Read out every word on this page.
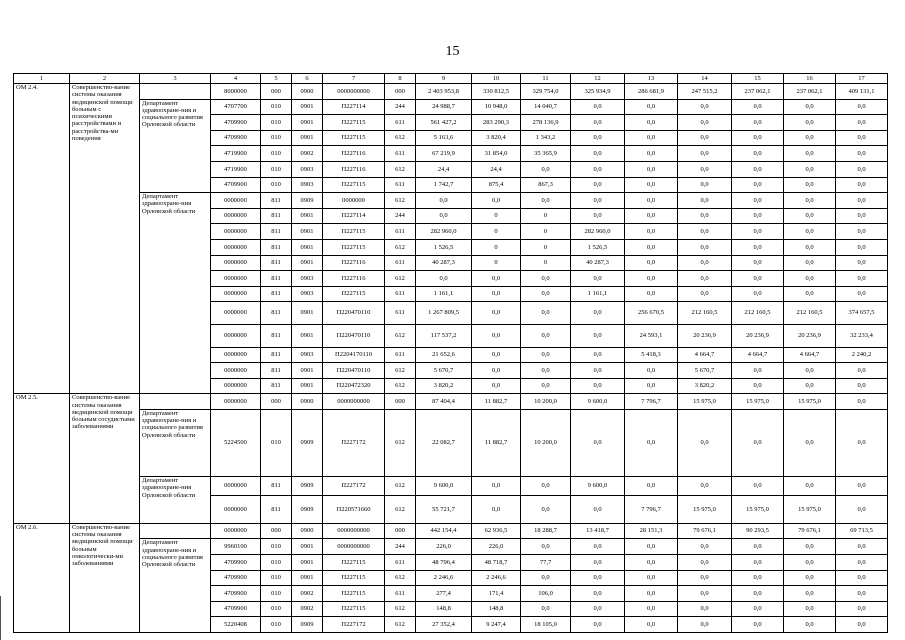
15
1	2	3	4	5	6	7	8	9	10	11	12	13	14	15	16	17
ОМ 2.4.	Совершенство-вание системы оказания медицинской помощи больным с психическими расстройствами и расстройства-ми поведения		8000000	000	0900	0000000000	000	2 403 953,8	330 812,5	329 754,0	325 934,9	286 681,9	247 515,2	237 062,1	237 062,1	409 131,1
		Департамент здравоохране-ния и социального развития Орловской области	4707700	010	0901	П227114	244	24 988,7	10 948,0	14 040,7	0,0	0,0	0,0	0,0	0,0	0,0
			4709900	010	0901	П227115	611	561 427,2	283 290,3	278 136,9	0,0	0,0	0,0	0,0	0,0	0,0
			4709900	010	0901	П227115	612	5 163,6	3 820,4	1 343,2	0,0	0,0	0,0	0,0	0,0	0,0
			4719900	010	0902	П227116	611	67 219,9	31 854,0	35 365,9	0,0	0,0	0,0	0,0	0,0	0,0
			4719900	010	0903	П227116	612	24,4	24,4	0,0	0,0	0,0	0,0	0,0	0,0	0,0
			4709900	010	0903	П227115	611	1 742,7	875,4	867,3	0,0	0,0	0,0	0,0	0,0	0,0
		Департамент здравоохране-ния Орловской области	0000000	811	0909	0000000	612	0,0	0,0	0,0	0,0	0,0	0,0	0,0	0,0	0,0
			0000000	811	0901	П227114	244	0,0	0	0	0,0	0,0	0,0	0,0	0,0	0,0
			0000000	811	0901	П227115	611	282 960,0	0	0	282 960,0	0,0	0,0	0,0	0,0	0,0
			0000000	811	0901	П227115	612	1 526,5	0	0	1 526,5	0,0	0,0	0,0	0,0	0,0
			0000000	811	0901	П227116	611	40 287,3	0	0	40 287,3	0,0	0,0	0,0	0,0	0,0
			0000000	811	0903	П227116	612	0,0	0,0	0,0	0,0	0,0	0,0	0,0	0,0	0,0
			0000000	811	0903	П227115	611	1 161,1	0,0	0,0	1 161,1	0,0	0,0	0,0	0,0	0,0
			0000000	811	0901	П220470110	611	1 267 809,5	0,0	0,0	0,0	256 670,5	212 160,5	212 160,5	212 160,5	374 657,5
			0000000	811	0901	П220470110	612	117 537,2	0,0	0,0	0,0	24 593,1	20 236,9	20 236,9	20 236,9	32 233,4
			0000000	811	0903	П2204170110	611	21 652,6	0,0	0,0	0,0	5 418,3	4 664,7	4 664,7	4 664,7	2 240,2
			0000000	811	0901	П220470110	612	5 670,7	0,0	0,0	0,0	0,0	5 670,7	0,0	0,0	0,0
			0000000	811	0901	П220472320	612	3 820,2	0,0	0,0	0,0	0,0	3 820,2	0,0	0,0	0,0
ОМ 2.5.	Совершенство-вание системы оказания медицинской помощи больным сосудистыми заболеваниями		0000000	000	0900	0000000000	000	87 404,4	11 882,7	10 200,0	9 600,0	7 796,7	15 975,0	15 975,0	15 975,0	0,0
		Департамент здравоохране-ния и социального развития Орловской области	5224500	010	0909	П227172	612	22 082,7	11 882,7	10 200,0	0,0	0,0	0,0	0,0	0,0	0,0
		Департамент здравоохране-ния Орловской области	0000000	811	0909	П227172	612	9 600,0	0,0	0,0	9 600,0	0,0	0,0	0,0	0,0	0,0
			0000000	811	0909	П220571660	612	55 721,7	0,0	0,0	0,0	7 796,7	15 975,0	15 975,0	15 975,0	0,0
ОМ 2.6.	Совершенство-вание системы оказания медицинской помощи больным онкологически-ми заболеваниями		0000000	000	0900	0000000000	000	442 154,4	62 936,5	18 288,7	13 418,7	28 151,3	79 676,1	90 293,5	79 676,1	69 713,5
		Департамент здравоохране-ния и социального развития Орловской области	9960100	010	0901	0000000000	244	226,0	226,0	0,0	0,0	0,0	0,0	0,0	0,0	0,0
			4709900	010	0901	П227115	611	48 796,4	48 718,7	77,7	0,0	0,0	0,0	0,0	0,0	0,0
			4709900	010	0901	П227115	612	2 246,6	2 246,6	0,0	0,0	0,0	0,0	0,0	0,0	0,0
			4709900	010	0902	П227115	611	277,4	171,4	106,0	0,0	0,0	0,0	0,0	0,0	0,0
			4709900	010	0902	П227115	612	148,8	148,8	0,0	0,0	0,0	0,0	0,0	0,0	0,0
			5220408	010	0909	П227172	612	27 352,4	9 247,4	18 105,0	0,0	0,0	0,0	0,0	0,0	0,0
